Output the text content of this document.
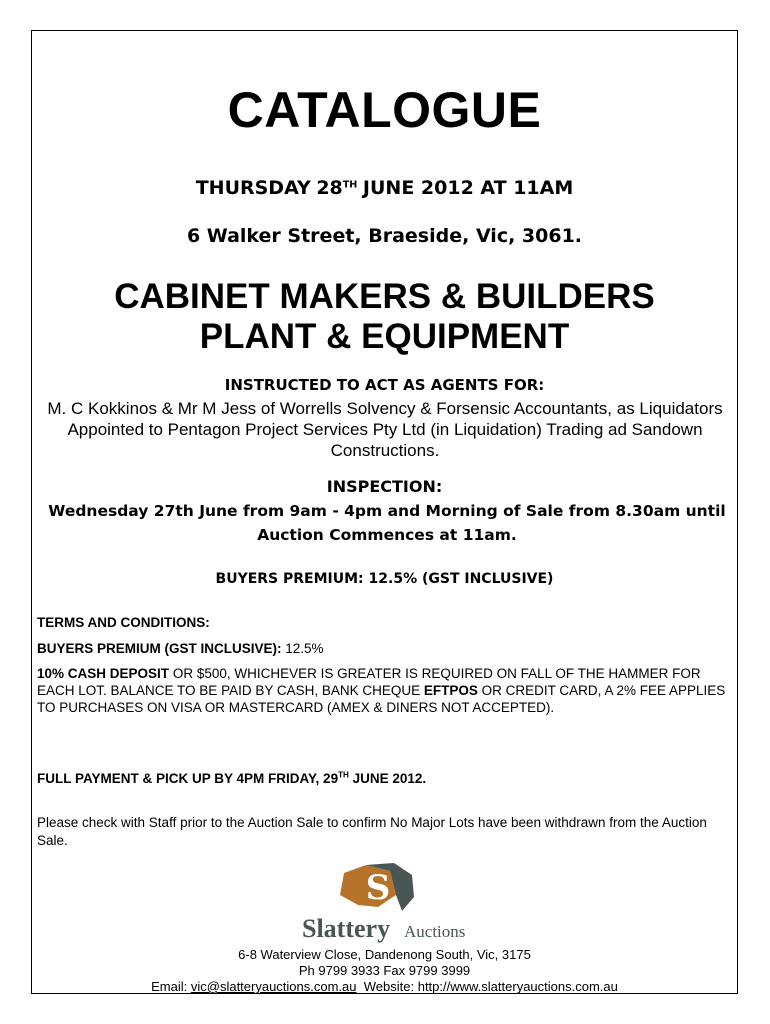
CATALOGUE
THURSDAY 28TH JUNE 2012 AT 11AM
6 Walker Street, Braeside, Vic, 3061.
CABINET MAKERS & BUILDERS
PLANT & EQUIPMENT
INSTRUCTED TO ACT AS AGENTS FOR:
M. C Kokkinos & Mr M Jess of Worrells Solvency & Forsensic Accountants, as Liquidators Appointed to Pentagon Project Services Pty Ltd (in Liquidation) Trading ad Sandown Constructions.
INSPECTION:
Wednesday 27th June from 9am - 4pm and Morning of Sale from 8.30am until Auction Commences at 11am.
BUYERS PREMIUM: 12.5% (GST INCLUSIVE)
TERMS AND CONDITIONS:
BUYERS PREMIUM (GST INCLUSIVE): 12.5%
10% CASH DEPOSIT OR $500, WHICHEVER IS GREATER IS REQUIRED ON FALL OF THE HAMMER FOR EACH LOT. BALANCE TO BE PAID BY CASH, BANK CHEQUE EFTPOS OR CREDIT CARD, A 2% FEE APPLIES TO PURCHASES ON VISA OR MASTERCARD (AMEX & DINERS NOT ACCEPTED).
FULL PAYMENT & PICK UP BY 4PM FRIDAY, 29TH JUNE 2012.
Please check with Staff prior to the Auction Sale to confirm No Major Lots have been withdrawn from the Auction Sale.
S
Slattery Auctions
6-8 Waterview Close, Dandenong South, Vic, 3175
Ph 9799 3933 Fax 9799 3999
Email: vic@slatteryauctions.com.au Website: http://www.slatteryauctions.com.au
